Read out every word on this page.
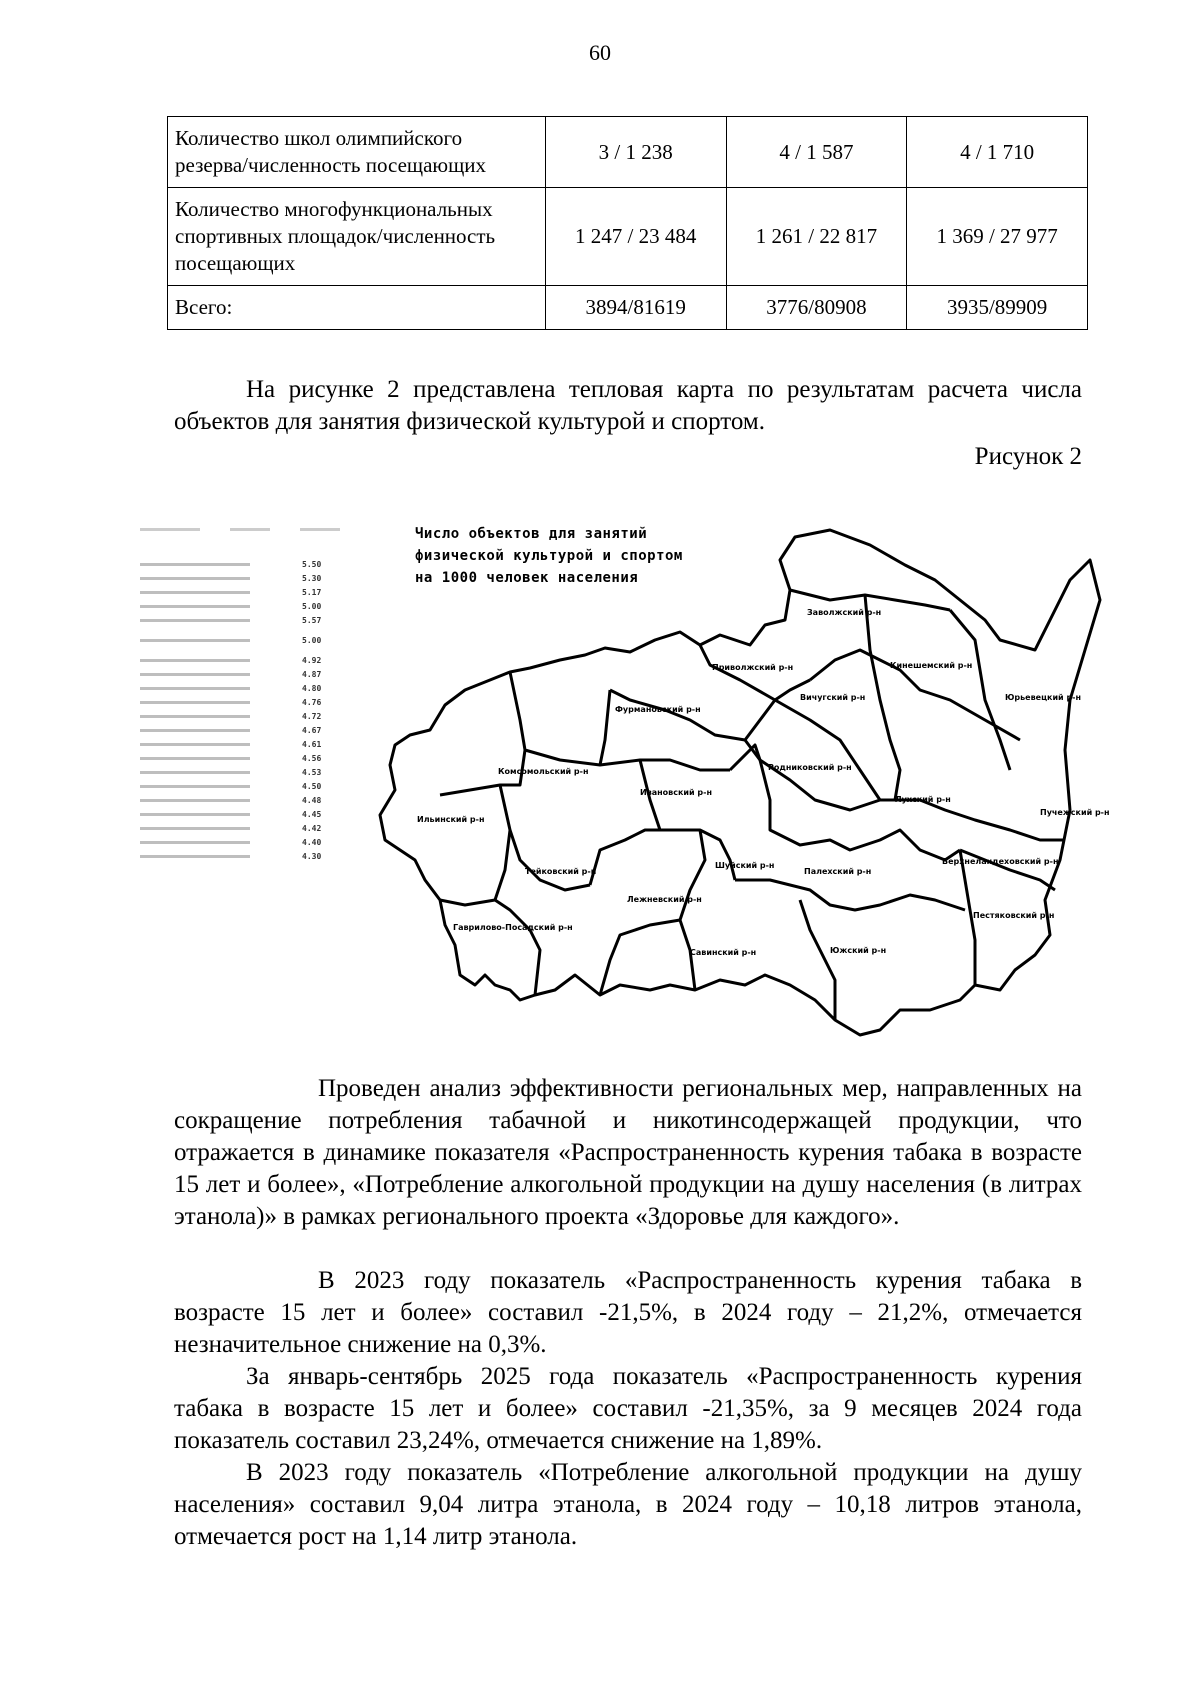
60
Количество школ олимпийского резерва/численность посещающих	3 / 1 238	4 / 1 587	4 / 1 710
Количество многофункциональных спортивных площадок/численность посещающих	1 247 / 23 484	1 261 / 22 817	1 369 / 27 977
Всего:	3894/81619	3776/80908	3935/89909
На рисунке 2 представлена тепловая карта по результатам расчета числа объектов для занятия физической культурой и спортом.
Рисунок 2
5.50
5.30
5.17
5.00
5.57
5.00
4.92
4.87
4.80
4.76
4.72
4.67
4.61
4.56
4.53
4.50
4.48
4.45
4.42
4.40
4.30
Число объектов для занятий
физической культурой и спортом
на 1000 человек населения
Заволжский р-н
Приволжский р-н	Кинешемский р-н
Вичугский р-н
Родниковский р-н
Фурмановский р-н
Юрьевецкий р-н
Комсомольский р-н
Ивановский р-н
Лухский р-н
Пучежский р-н
Ильинский р-н
Тейковский р-н
Шуйский р-н
Палехский р-н
Верхнеландеховский р-н
Лежневский р-н
Гаврилово-Посадский р-н
Савинский р-н	Южский р-н
Пестяковский р-н
Проведен анализ эффективности региональных мер, направленных на сокращение потребления табачной и никотинсодержащей продукции, что отражается в динамике показателя «Распространенность курения табака в возрасте 15 лет и более», «Потребление алкогольной продукции на душу населения (в литрах этанола)» в рамках регионального проекта «Здоровье для каждого».
В 2023 году показатель «Распространенность курения табака в возрасте 15 лет и более» составил -21,5%, в 2024 году – 21,2%, отмечается незначительное снижение на 0,3%.
За январь-сентябрь 2025 года показатель «Распространенность курения табака в возрасте 15 лет и более» составил -21,35%, за 9 месяцев 2024 года показатель составил 23,24%, отмечается снижение на 1,89%.
В 2023 году показатель «Потребление алкогольной продукции на душу населения» составил 9,04 литра этанола, в 2024 году – 10,18 литров этанола, отмечается рост на 1,14 литр этанола.
